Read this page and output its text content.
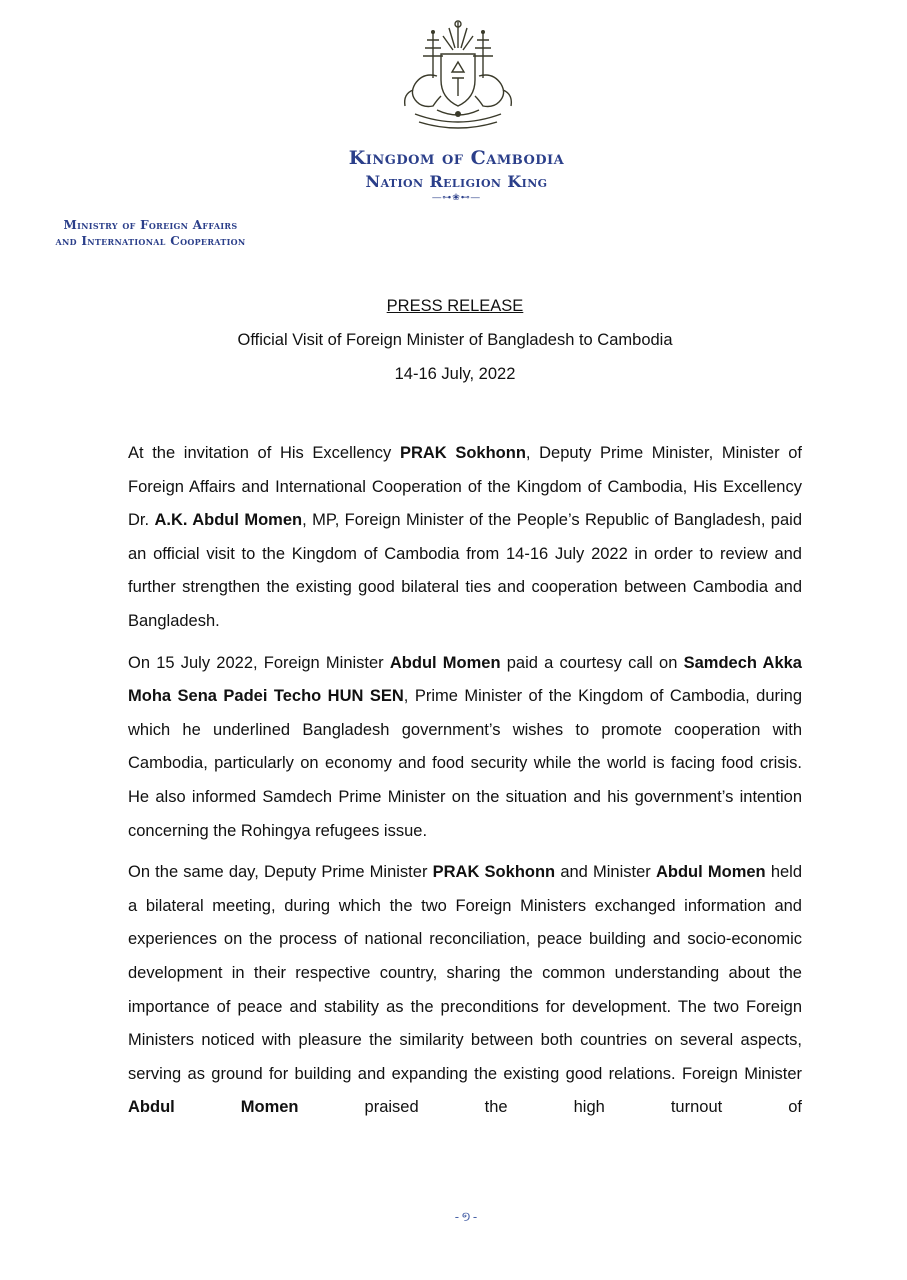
Kingdom of Cambodia
Nation Religion King
—⊶❀⊷—
Ministry of Foreign Affairs
and International Cooperation
PRESS RELEASE
Official Visit of Foreign Minister of Bangladesh to Cambodia
14-16 July, 2022

At the invitation of His Excellency PRAK Sokhonn, Deputy Prime Minister, Minister of Foreign Affairs and International Cooperation of the Kingdom of Cambodia, His Excellency Dr. A.K. Abdul Momen, MP, Foreign Minister of the People’s Republic of Bangladesh, paid an official visit to the Kingdom of Cambodia from 14-16 July 2022 in order to review and further strengthen the existing good bilateral ties and cooperation between Cambodia and Bangladesh.

On 15 July 2022, Foreign Minister Abdul Momen paid a courtesy call on Samdech Akka Moha Sena Padei Techo HUN SEN, Prime Minister of the Kingdom of Cambodia, during which he underlined Bangladesh government’s wishes to promote cooperation with Cambodia, particularly on economy and food security while the world is facing food crisis. He also informed Samdech Prime Minister on the situation and his government’s intention concerning the Rohingya refugees issue.

On the same day, Deputy Prime Minister PRAK Sokhonn and Minister Abdul Momen held a bilateral meeting, during which the two Foreign Ministers exchanged information and experiences on the process of national reconciliation, peace building and socio-economic development in their respective country, sharing the common understanding about the importance of peace and stability as the preconditions for development. The two Foreign Ministers noticed with pleasure the similarity between both countries on several aspects, serving as ground for building and expanding the existing good relations. Foreign Minister Abdul Momen praised the high turnout of

-១-
